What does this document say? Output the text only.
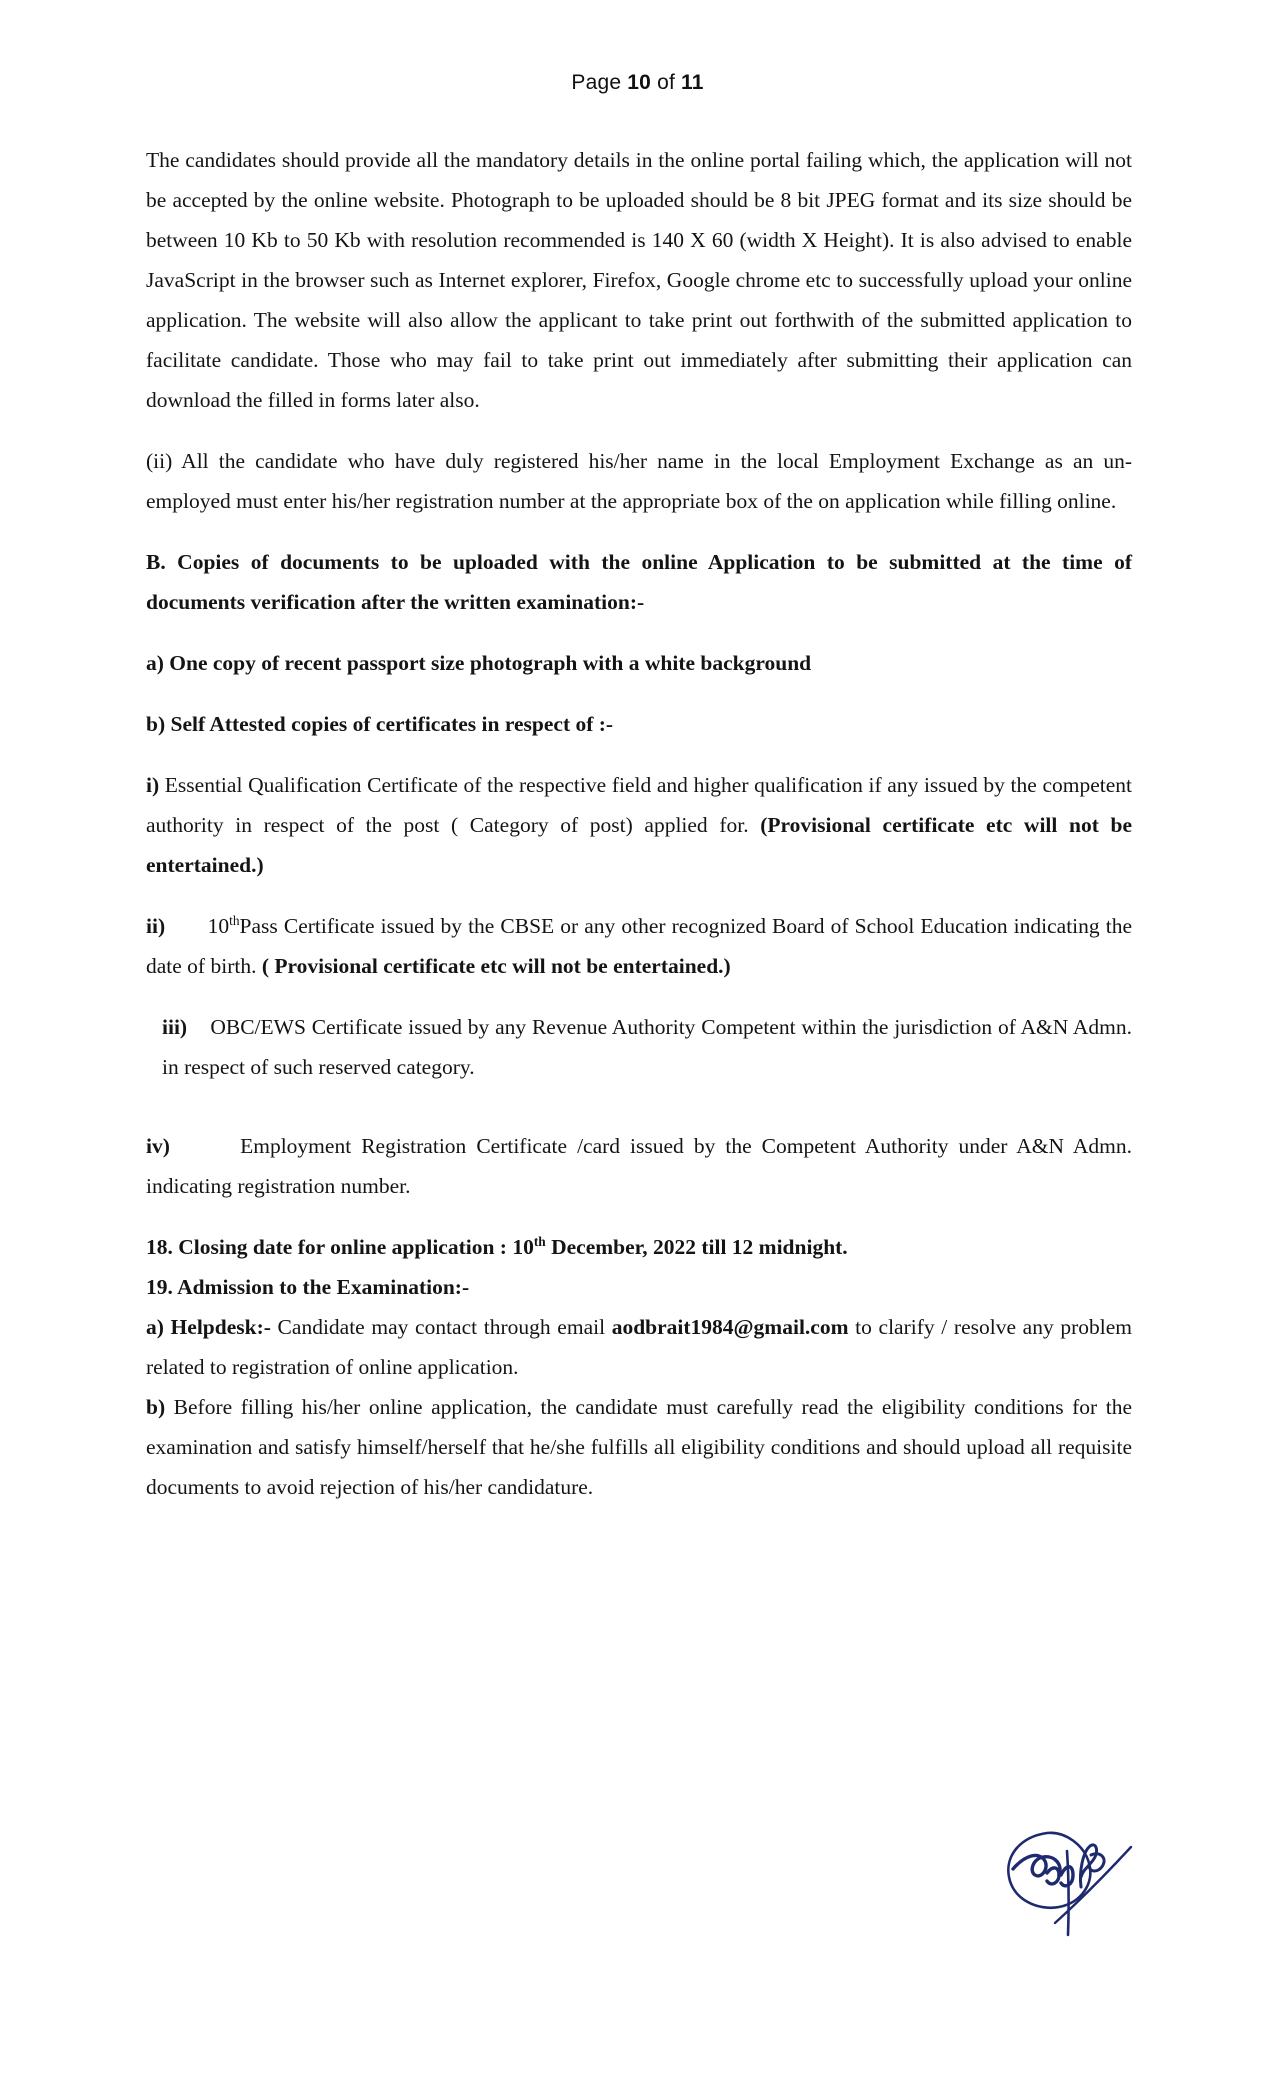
Page 10 of 11

The candidates should provide all the mandatory details in the online portal failing which, the application will not be accepted by the online website. Photograph to be uploaded should be 8 bit JPEG format and its size should be between 10 Kb to 50 Kb with resolution recommended is 140 X 60 (width X Height). It is also advised to enable JavaScript in the browser such as Internet explorer, Firefox, Google chrome etc to successfully upload your online application. The website will also allow the applicant to take print out forthwith of the submitted application to facilitate candidate. Those who may fail to take print out immediately after submitting their application can download the filled in forms later also.

(ii) All the candidate who have duly registered his/her name in the local Employment Exchange as an un-employed must enter his/her registration number at the appropriate box of the on application while filling online.

B. Copies of documents to be uploaded with the online Application to be submitted at the time of documents verification after the written examination:-

a) One copy of recent passport size photograph with a white background

b) Self Attested copies of certificates in respect of :-

i) Essential Qualification Certificate of the respective field and higher qualification if any issued by the competent authority in respect of the post ( Category of post) applied for. (Provisional certificate etc will not be entertained.)

ii) 10thPass Certificate issued by the CBSE or any other recognized Board of School Education indicating the date of birth. ( Provisional certificate etc will not be entertained.)

iii) OBC/EWS Certificate issued by any Revenue Authority Competent within the jurisdiction of A&N Admn. in respect of such reserved category.

iv)	Employment Registration Certificate /card issued by the Competent Authority under A&N Admn. indicating registration number.

18. Closing date for online application : 10th December, 2022 till 12 midnight.

19. Admission to the Examination:-

a) Helpdesk:- Candidate may contact through email aodbrait1984@gmail.com to clarify / resolve any problem related to registration of online application.

b) Before filling his/her online application, the candidate must carefully read the eligibility conditions for the examination and satisfy himself/herself that he/she fulfills all eligibility conditions and should upload all requisite documents to avoid rejection of his/her candidature.
